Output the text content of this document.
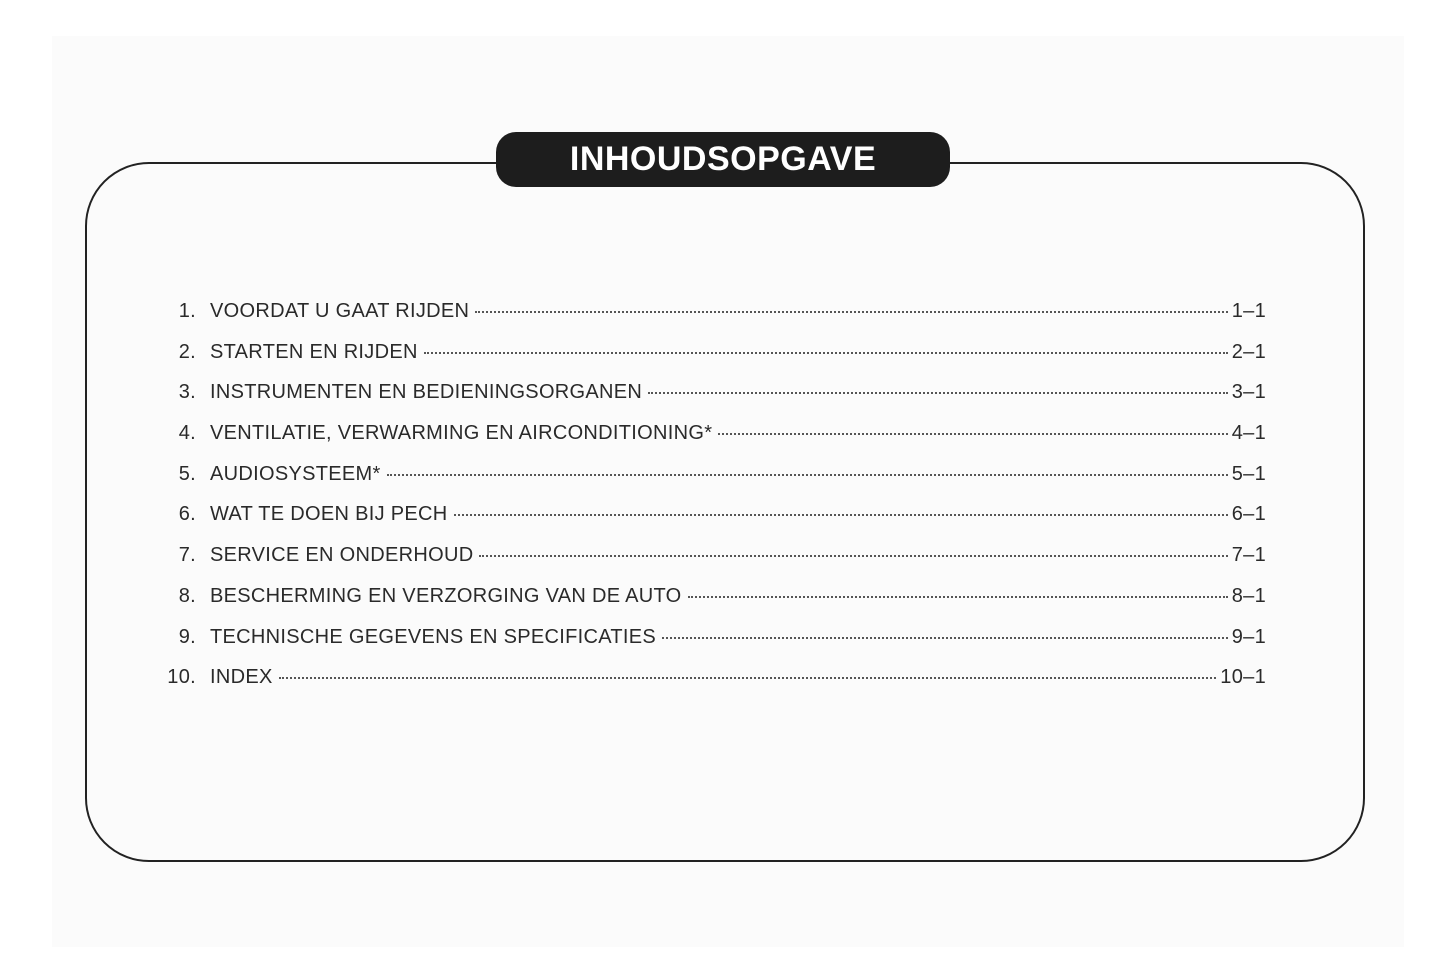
INHOUDSOPGAVE
1. VOORDAT U GAAT RIJDEN	1–1
2. STARTEN EN RIJDEN	2–1
3. INSTRUMENTEN EN BEDIENINGSORGANEN	3–1
4. VENTILATIE, VERWARMING EN AIRCONDITIONING*	4–1
5. AUDIOSYSTEEM*	5–1
6. WAT TE DOEN BIJ PECH	6–1
7. SERVICE EN ONDERHOUD	7–1
8. BESCHERMING EN VERZORGING VAN DE AUTO	8–1
9. TECHNISCHE GEGEVENS EN SPECIFICATIES	9–1
10. INDEX	10–1
